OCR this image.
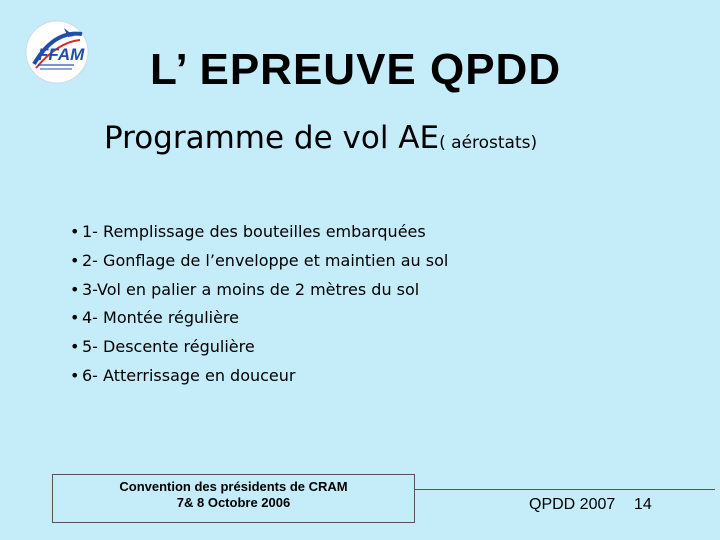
FFAM L’ EPREUVE QPDD
Programme de vol AE( aérostats)
• 1- Remplissage des bouteilles embarquées
• 2- Gonflage de l’enveloppe et maintien au sol
• 3-Vol en palier a moins de 2 mètres du sol
• 4- Montée régulière
• 5- Descente régulière
• 6- Atterrissage en douceur
Convention des présidents de CRAM
7& 8 Octobre 2006	QPDD 2007 14
